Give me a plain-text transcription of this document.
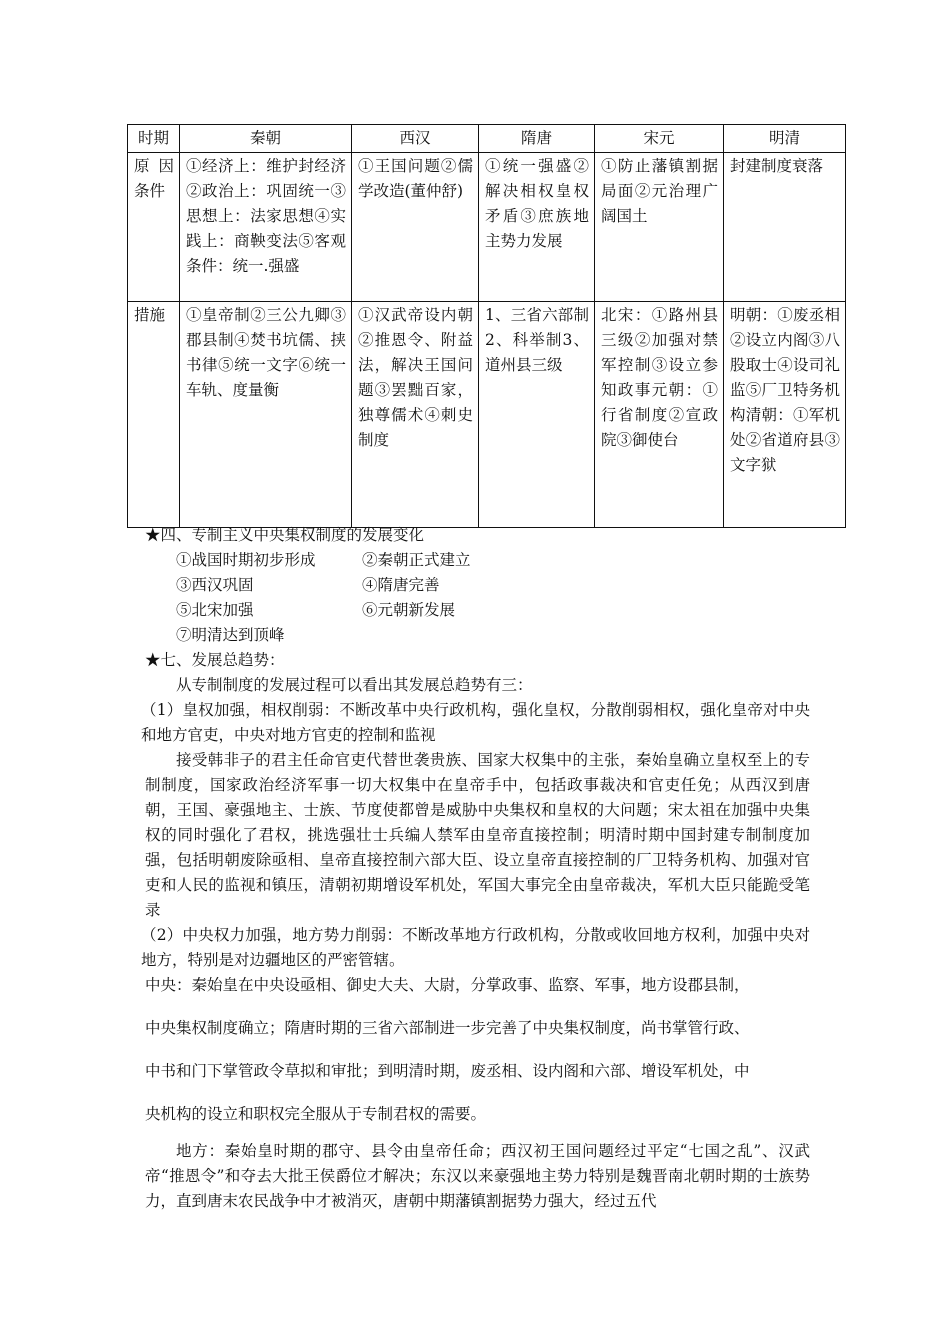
时期	秦朝	西汉	隋唐	宋元	明清
原因条件	①经济上：维护封经济②政治上：巩固统一③思想上：法家思想④实践上：商鞅变法⑤客观条件：统一.强盛	①王国问题②儒学改造(董仲舒)	①统一强盛②解决相权皇权矛盾③庶族地主势力发展	①防止藩镇割据局面②元治理广阔国土	封建制度衰落
措施	①皇帝制②三公九卿③郡县制④焚书坑儒、挟书律⑤统一文字⑥统一车轨、度量衡	①汉武帝设内朝②推恩令、附益法，解决王国问题③罢黜百家，独尊儒术④刺史制度	1、三省六部制2、科举制3、道州县三级	北宋：①路州县三级②加强对禁军控制③设立参知政事元朝：①行省制度②宣政院③御使台	明朝：①废丞相②设立内阁③八股取士④设司礼监⑤厂卫特务机构清朝：①军机处②省道府县③文字狱

★四、专制主义中央集权制度的发展变化

①战国时期初步形成	②秦朝正式建立
③西汉巩固	④隋唐完善
⑤北宋加强	⑥元朝新发展
⑦明清达到顶峰

★七、发展总趋势：

从专制制度的发展过程可以看出其发展总趋势有三：

（1）皇权加强，相权削弱：不断改革中央行政机构，强化皇权，分散削弱相权，强化皇帝对中央和地方官吏，中央对地方官吏的控制和监视

接受韩非子的君主任命官吏代替世袭贵族、国家大权集中的主张，秦始皇确立皇权至上的专制制度，国家政治经济军事一切大权集中在皇帝手中，包括政事裁决和官吏任免；从西汉到唐朝，王国、豪强地主、士族、节度使都曾是威胁中央集权和皇权的大问题；宋太祖在加强中央集权的同时强化了君权，挑选强壮士兵编人禁军由皇帝直接控制；明清时期中国封建专制制度加强，包括明朝废除亟相、皇帝直接控制六部大臣、设立皇帝直接控制的厂卫特务机构、加强对官吏和人民的监视和镇压，清朝初期增设军机处，军国大事完全由皇帝裁决，军机大臣只能跪受笔录

（2）中央权力加强，地方势力削弱：不断改革地方行政机构，分散或收回地方权利，加强中央对地方，特别是对边疆地区的严密管辖。

中央：秦始皇在中央设亟相、御史大夫、大尉，分掌政事、监察、军事，地方设郡县制，

中央集权制度确立；隋唐时期的三省六部制进一步完善了中央集权制度，尚书掌管行政、

中书和门下掌管政令草拟和审批；到明清时期，废丞相、设内阁和六部、增设军机处，中

央机构的设立和职权完全服从于专制君权的需要。

地方：秦始皇时期的郡守、县令由皇帝任命；西汉初王国问题经过平定“七国之乱”、汉武帝“推恩令”和夺去大批王侯爵位才解决；东汉以来豪强地主势力特别是魏晋南北朝时期的士族势力，直到唐末农民战争中才被消灭，唐朝中期藩镇割据势力强大，经过五代
